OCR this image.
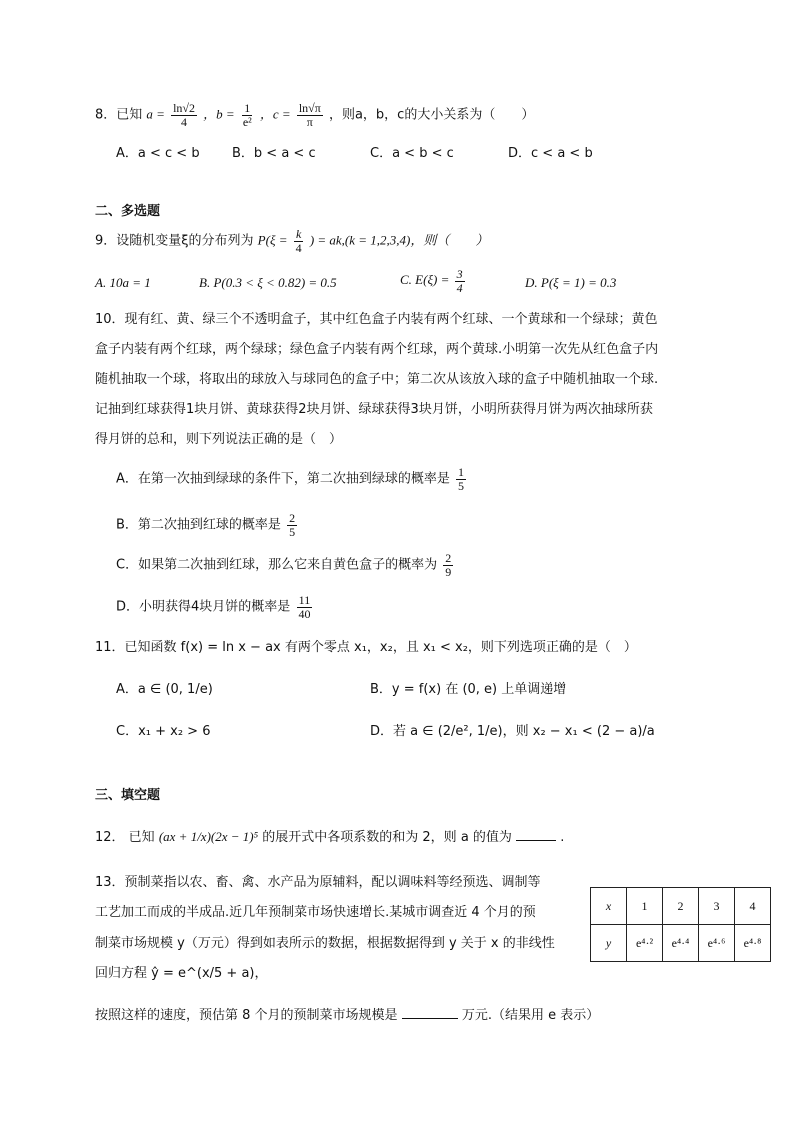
8．已知 $a = \frac{\ln√2}{4}$ ，$b = \frac{1}{\text{e²}}$ ，$c = \frac{\ln√\pi}{\pi}$ ，则a，b，c的大小关系为（　　）
A．a < c < b B．b < a < c	C．a < b < c	D．c < a < b
二、多选题
9．设随机变量ξ的分布列为 $P(\xi = \frac{k}{4}$ ) = ak,(k = 1,2,3,4)，则（　　）
A. 10a = 1	B. P(0.3 < ξ < 0.82) = 0.5	C. $E(\xi) = \frac{3}{4}$	D. P(ξ = 1) = 0.3
10．现有红、黄、绿三个不透明盒子，其中红色盒子内装有两个红球、一个黄球和一个绿球；黄色
盒子内装有两个红球，两个绿球；绿色盒子内装有两个红球，两个黄球.小明第一次先从红色盒子内
随机抽取一个球，将取出的球放入与球同色的盒子中；第二次从该放入球的盒子中随机抽取一个球.
记抽到红球获得1块月饼、黄球获得2块月饼、绿球获得3块月饼，小明所获得月饼为两次抽球所获
得月饼的总和，则下列说法正确的是（　）
A．在第一次抽到绿球的条件下，第二次抽到绿球的概率是 $\frac{1}{5}$
B．第二次抽到红球的概率是 $\frac{2}{5}$
C．如果第二次抽到红球，那么它来自黄色盒子的概率为 $\frac{2}{9}$
D．小明获得4块月饼的概率是 $\frac{11}{40}$
11．已知函数 f(x) = ln x − ax 有两个零点 x₁，x₂，且 x₁ < x₂，则下列选项正确的是（　）
A．a ∈ (0, 1/e)	B．y = f(x) 在 (0, e) 上单调递增
C．x₁ + x₂ > 6	D．若 a ∈ (2/e², 1/e)，则 x₂ − x₁ < (2 − a)/a
三、填空题
12． 已知 (ax + 1/x)(2x − 1)⁵ 的展开式中各项系数的和为 2，则 a 的值为	.
13．预制菜指以农、畜、禽、水产品为原辅料，配以调味料等经预选、调制等
工艺加工而成的半成品.近几年预制菜市场快速增长.某城市调查近 4 个月的预
制菜市场规模 y（万元）得到如表所示的数据，根据数据得到 y 关于 x 的非线性
回归方程 ŷ = e^(x/5 + a)，
按照这样的速度，预估第 8 个月的预制菜市场规模是	万元.（结果用 e 表示）
x	1	2	3	4
y	e⁴·²	e⁴·⁴	e⁴·⁶	e⁴·⁸
